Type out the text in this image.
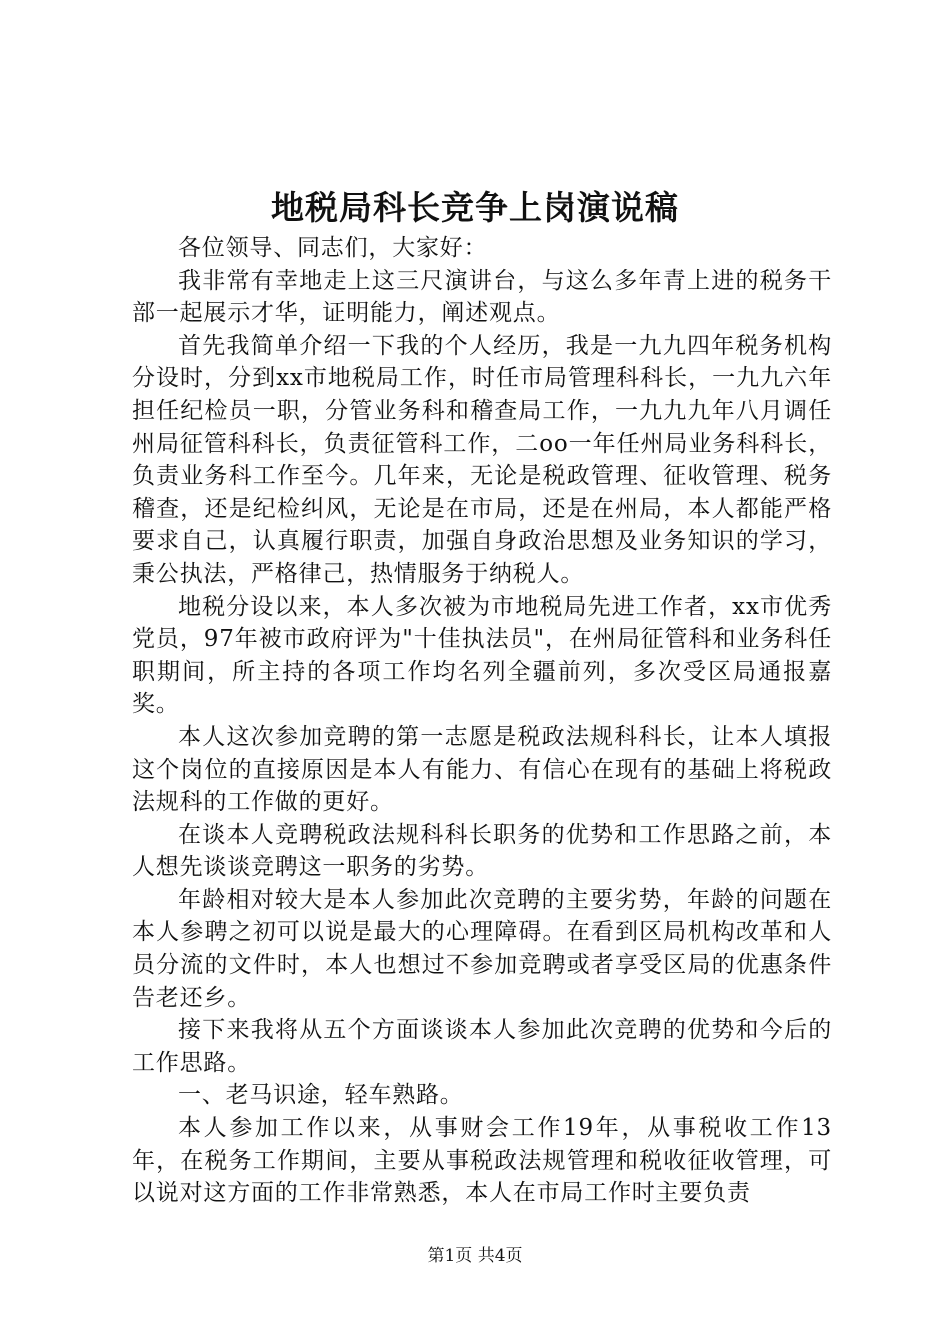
地税局科长竞争上岗演说稿

各位领导、同志们，大家好：

我非常有幸地走上这三尺演讲台，与这么多年青上进的税务干部一起展示才华，证明能力，阐述观点。

首先我简单介绍一下我的个人经历，我是一九九四年税务机构分设时，分到xx市地税局工作，时任市局管理科科长，一九九六年担任纪检员一职，分管业务科和稽查局工作，一九九九年八月调任州局征管科科长，负责征管科工作，二oo一年任州局业务科科长，负责业务科工作至今。几年来，无论是税政管理、征收管理、税务稽查，还是纪检纠风，无论是在市局，还是在州局，本人都能严格要求自己，认真履行职责，加强自身政治思想及业务知识的学习，秉公执法，严格律己，热情服务于纳税人。

地税分设以来，本人多次被为市地税局先进工作者，xx市优秀党员，97年被市政府评为"十佳执法员"，在州局征管科和业务科任职期间，所主持的各项工作均名列全疆前列，多次受区局通报嘉奖。

本人这次参加竞聘的第一志愿是税政法规科科长，让本人填报这个岗位的直接原因是本人有能力、有信心在现有的基础上将税政法规科的工作做的更好。

在谈本人竞聘税政法规科科长职务的优势和工作思路之前，本人想先谈谈竞聘这一职务的劣势。

年龄相对较大是本人参加此次竞聘的主要劣势，年龄的问题在本人参聘之初可以说是最大的心理障碍。在看到区局机构改革和人员分流的文件时，本人也想过不参加竞聘或者享受区局的优惠条件告老还乡。

接下来我将从五个方面谈谈本人参加此次竞聘的优势和今后的工作思路。

一、老马识途，轻车熟路。

本人参加工作以来，从事财会工作19年，从事税收工作13年，在税务工作期间，主要从事税政法规管理和税收征收管理，可以说对这方面的工作非常熟悉，本人在市局工作时主要负责

第1页 共4页
